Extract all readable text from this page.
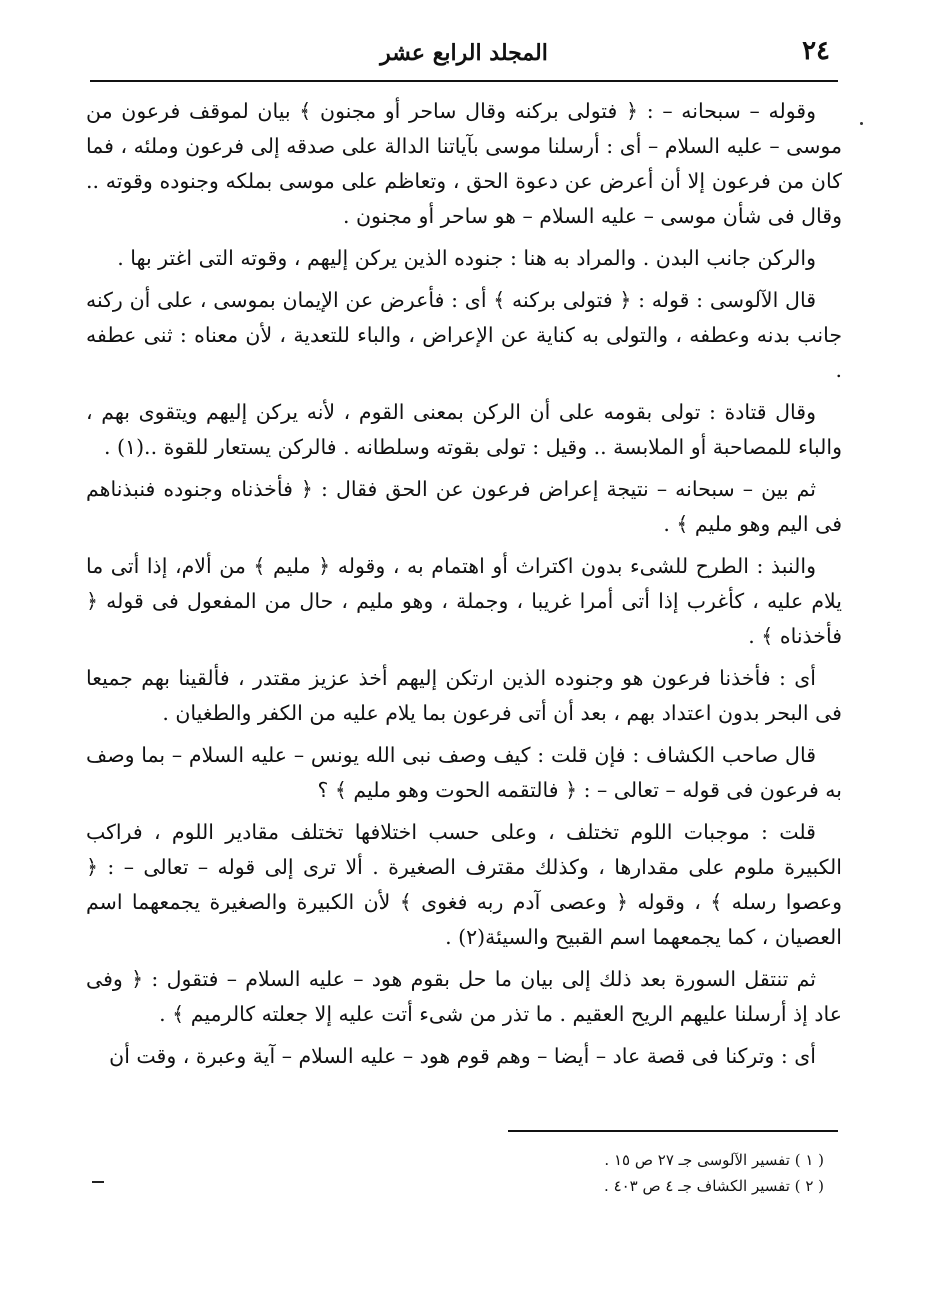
٢٤
المجلد الرابع عشر

وقوله – سبحانه – : ﴿ فتولى بركنه وقال ساحر أو مجنون ﴾ بيان لموقف فرعون من موسى – عليه السلام – أى : أرسلنا موسى بآياتنا الدالة على صدقه إلى فرعون وملئه ، فما كان من فرعون إلا أن أعرض عن دعوة الحق ، وتعاظم على موسى بملكه وجنوده وقوته .. وقال فى شأن موسى – عليه السلام – هو ساحر أو مجنون .

والركن جانب البدن . والمراد به هنا : جنوده الذين يركن إليهم ، وقوته التى اغتر بها .

قال الآلوسى : قوله : ﴿ فتولى بركنه ﴾ أى : فأعرض عن الإيمان بموسى ، على أن ركنه جانب بدنه وعطفه ، والتولى به كناية عن الإعراض ، والباء للتعدية ، لأن معناه : ثنى عطفه .

وقال قتادة : تولى بقومه على أن الركن بمعنى القوم ، لأنه يركن إليهم ويتقوى بهم ، والباء للمصاحبة أو الملابسة .. وقيل : تولى بقوته وسلطانه . فالركن يستعار للقوة ..(١) .

ثم بين – سبحانه – نتيجة إعراض فرعون عن الحق فقال : ﴿ فأخذناه وجنوده فنبذناهم فى اليم وهو مليم ﴾ .

والنبذ : الطرح للشىء بدون اكتراث أو اهتمام به ، وقوله ﴿ مليم ﴾ من ألام، إذا أتى ما يلام عليه ، كأغرب إذا أتى أمرا غريبا ، وجملة ، وهو مليم ، حال من المفعول فى قوله ﴿ فأخذناه ﴾ .

أى : فأخذنا فرعون هو وجنوده الذين ارتكن إليهم أخذ عزيز مقتدر ، فألقينا بهم جميعا فى البحر بدون اعتداد بهم ، بعد أن أتى فرعون بما يلام عليه من الكفر والطغيان .

قال صاحب الكشاف : فإن قلت : كيف وصف نبى الله يونس – عليه السلام – بما وصف به فرعون فى قوله – تعالى – : ﴿ فالتقمه الحوت وهو مليم ﴾ ؟

قلت : موجبات اللوم تختلف ، وعلى حسب اختلافها تختلف مقادير اللوم ، فراكب الكبيرة ملوم على مقدارها ، وكذلك مقترف الصغيرة . ألا ترى إلى قوله – تعالى – : ﴿ وعصوا رسله ﴾ ، وقوله ﴿ وعصى آدم ربه فغوى ﴾ لأن الكبيرة والصغيرة يجمعهما اسم العصيان ، كما يجمعهما اسم القبيح والسيئة(٢) .

ثم تنتقل السورة بعد ذلك إلى بيان ما حل بقوم هود – عليه السلام – فتقول : ﴿ وفى عاد إذ أرسلنا عليهم الريح العقيم . ما تذر من شىء أتت عليه إلا جعلته كالرميم ﴾ .

أى : وتركنا فى قصة عاد – أيضا – وهم قوم هود – عليه السلام – آية وعبرة ، وقت أن

( ١ ) تفسير الآلوسى جـ ٢٧ ص ١٥ .

( ٢ ) تفسير الكشاف جـ ٤ ص ٤٠٣ .
